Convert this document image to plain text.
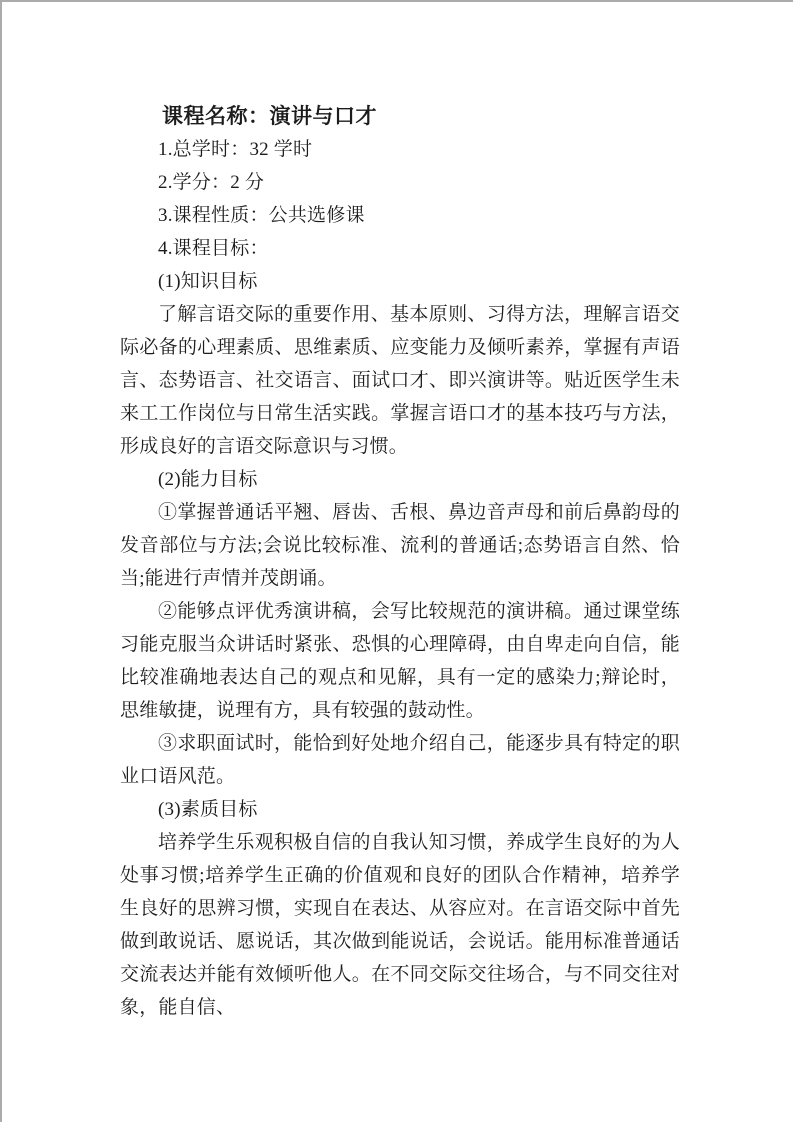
课程名称：演讲与口才
1.总学时：32 学时
2.学分：2 分
3.课程性质：公共选修课
4.课程目标：
(1)知识目标
了解言语交际的重要作用、基本原则、习得方法，理解言语交际必备的心理素质、思维素质、应变能力及倾听素养，掌握有声语言、态势语言、社交语言、面试口才、即兴演讲等。贴近医学生未来工工作岗位与日常生活实践。掌握言语口才的基本技巧与方法，形成良好的言语交际意识与习惯。
(2)能力目标
①掌握普通话平翘、唇齿、舌根、鼻边音声母和前后鼻韵母的发音部位与方法;会说比较标准、流利的普通话;态势语言自然、恰当;能进行声情并茂朗诵。
②能够点评优秀演讲稿，会写比较规范的演讲稿。通过课堂练习能克服当众讲话时紧张、恐惧的心理障碍，由自卑走向自信，能比较准确地表达自己的观点和见解，具有一定的感染力;辩论时，思维敏捷，说理有方，具有较强的鼓动性。
③求职面试时，能恰到好处地介绍自己，能逐步具有特定的职业口语风范。
(3)素质目标
培养学生乐观积极自信的自我认知习惯，养成学生良好的为人处事习惯;培养学生正确的价值观和良好的团队合作精神，培养学生良好的思辨习惯，实现自在表达、从容应对。在言语交际中首先做到敢说话、愿说话，其次做到能说话，会说话。能用标准普通话交流表达并能有效倾听他人。在不同交际交往场合，与不同交往对象，能自信、
